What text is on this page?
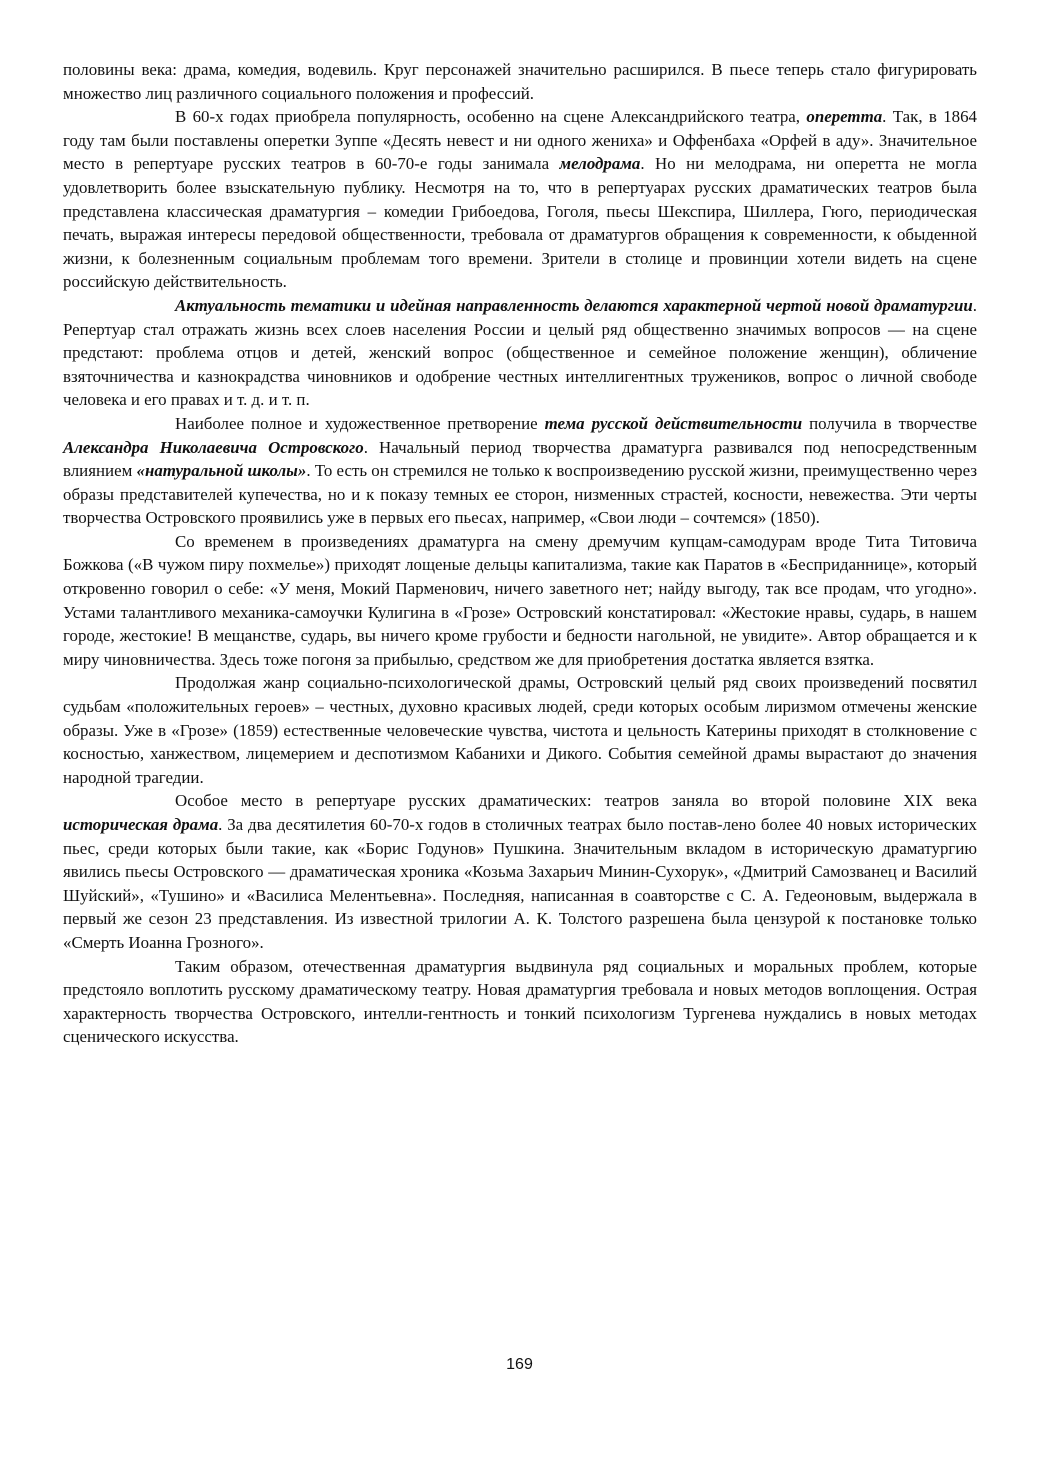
половины века: драма, комедия, водевиль. Круг персонажей значительно расширился. В пьесе теперь стало фигурировать множество лиц различного социального положения и профессий.

В 60-х годах приобрела популярность, особенно на сцене Александрийского театра, оперетта. Так, в 1864 году там были поставлены оперетки Зуппе «Десять невест и ни одного жениха» и Оффенбаха «Орфей в аду». Значительное место в репертуаре русских театров в 60-70-е годы занимала мелодрама. Но ни мелодрама, ни оперетта не могла удовлетворить более взыскательную публику. Несмотря на то, что в репертуарах русских драматических театров была представлена классическая драматургия – комедии Грибоедова, Гоголя, пьесы Шекспира, Шиллера, Гюго, периодическая печать, выражая интересы передовой общественности, требовала от драматургов обращения к современности, к обыденной жизни, к болезненным социальным проблемам того времени. Зрители в столице и провинции хотели видеть на сцене российскую действительность.

Актуальность тематики и идейная направленность делаются характерной чертой новой драматургии. Репертуар стал отражать жизнь всех слоев населения России и целый ряд общественно значимых вопросов — на сцене предстают: проблема отцов и детей, женский вопрос (общественное и семейное положение женщин), обличение взяточничества и казнокрадства чиновников и одобрение честных интеллигентных тружеников, вопрос о личной свободе человека и его правах и т. д. и т. п.

Наиболее полное и художественное претворение тема русской действительности получила в творчестве Александра Николаевича Островского. Начальный период творчества драматурга развивался под непосредственным влиянием «натуральной школы». То есть он стремился не только к воспроизведению русской жизни, преимущественно через образы представителей купечества, но и к показу темных ее сторон, низменных страстей, косности, невежества. Эти черты творчества Островского проявились уже в первых его пьесах, например, «Свои люди – сочтемся» (1850).

Со временем в произведениях драматурга на смену дремучим купцам-самодурам вроде Тита Титовича Божкова («В чужом пиру похмелье») приходят лощеные дельцы капитализма, такие как Паратов в «Бесприданнице», который откровенно говорил о себе: «У меня, Мокий Парменович, ничего заветного нет; найду выгоду, так все продам, что угодно». Устами талантливого механика-самоучки Кулигина в «Грозе» Островский констатировал: «Жестокие нравы, сударь, в нашем городе, жестокие! В мещанстве, сударь, вы ничего кроме грубости и бедности нагольной, не увидите». Автор обращается и к миру чиновничества. Здесь тоже погоня за прибылью, средством же для приобретения достатка является взятка.

Продолжая жанр социально-психологической драмы, Островский целый ряд своих произведений посвятил судьбам «положительных героев» – честных, духовно красивых людей, среди которых особым лиризмом отмечены женские образы. Уже в «Грозе» (1859) естественные человеческие чувства, чистота и цельность Катерины приходят в столкновение с косностью, ханжеством, лицемерием и деспотизмом Кабанихи и Дикого. События семейной драмы вырастают до значения народной трагедии.

Особое место в репертуаре русских драматических: театров заняла во второй половине XIX века историческая драма. За два десятилетия 60-70-х годов в столичных театрах было постав-лено более 40 новых исторических пьес, среди которых были такие, как «Борис Годунов» Пушкина. Значительным вкладом в историческую драматургию явились пьесы Островского — драматическая хроника «Козьма Захарьич Минин-Сухорук», «Дмитрий Самозванец и Василий Шуйский», «Тушино» и «Василиса Мелентьевна». Последняя, написанная в соавторстве с С. А. Гедеоновым, выдержала в первый же сезон 23 представления. Из известной трилогии А. К. Толстого разрешена была цензурой к постановке только «Смерть Иоанна Грозного».

Таким образом, отечественная драматургия выдвинула ряд социальных и моральных проблем, которые предстояло воплотить русскому драматическому театру. Новая драматургия требовала и новых методов воплощения. Острая характерность творчества Островского, интелли-гентность и тонкий психологизм Тургенева нуждались в новых методах сценического искусства.

169
